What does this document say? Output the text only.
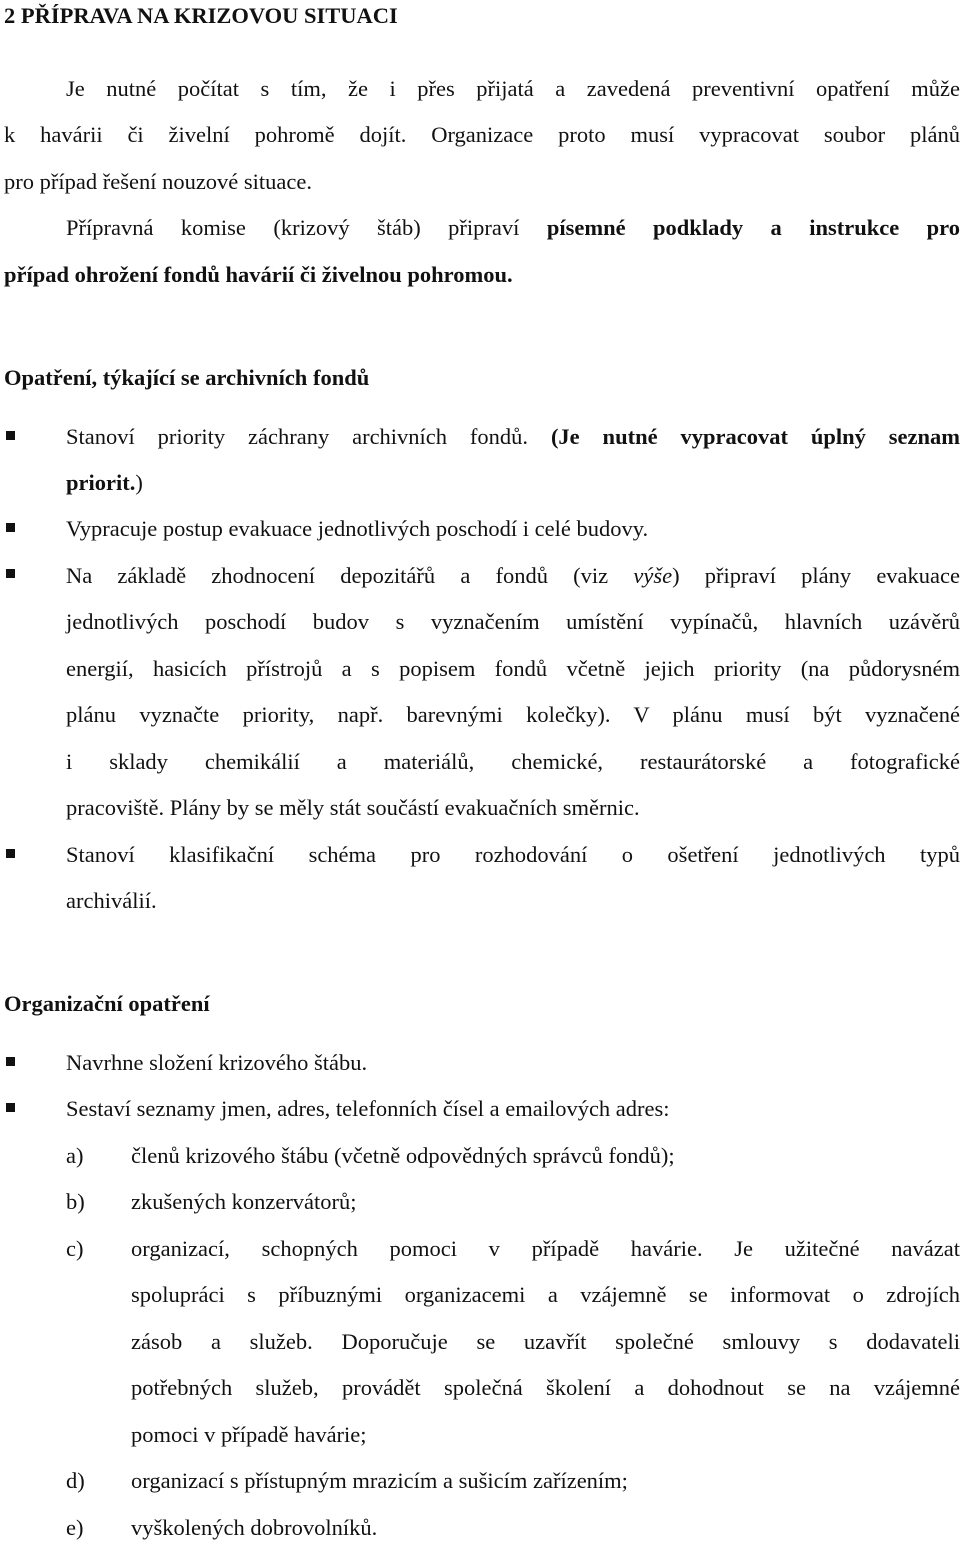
2 PŘÍPRAVA NA KRIZOVOU SITUACI
Je nutné počítat s tím, že i přes přijatá a zavedená preventivní opatření může
k havárii či živelní pohromě dojít. Organizace proto musí vypracovat soubor plánů
pro případ řešení nouzové situace.
Přípravná komise (krizový štáb) připraví písemné podklady a instrukce pro
případ ohrožení fondů havárií či živelnou pohromou.
Opatření, týkající se archivních fondů
Stanoví priority záchrany archivních fondů. (Je nutné vypracovat úplný seznam
priorit.)
Vypracuje postup evakuace jednotlivých poschodí i celé budovy.
Na základě zhodnocení depozitářů a fondů (viz výše) připraví plány evakuace
jednotlivých poschodí budov s vyznačením umístění vypínačů, hlavních uzávěrů
energií, hasicích přístrojů a s popisem fondů včetně jejich priority (na půdorysném
plánu vyznačte priority, např. barevnými kolečky). V plánu musí být vyznačené
i sklady chemikálií a materiálů, chemické, restaurátorské a fotografické
pracoviště. Plány by se měly stát součástí evakuačních směrnic.
Stanoví klasifikační schéma pro rozhodování o ošetření jednotlivých typů
archiválií.
Organizační opatření
Navrhne složení krizového štábu.
Sestaví seznamy jmen, adres, telefonních čísel a emailových adres:
a) členů krizového štábu (včetně odpovědných správců fondů);
b) zkušených konzervátorů;
c) organizací, schopných pomoci v případě havárie. Je užitečné navázat
spolupráci s příbuznými organizacemi a vzájemně se informovat o zdrojích
zásob a služeb. Doporučuje se uzavřít společné smlouvy s dodavateli
potřebných služeb, provádět společná školení a dohodnout se na vzájemné
pomoci v případě havárie;
d) organizací s přístupným mrazicím a sušicím zařízením;
e) vyškolených dobrovolníků.
